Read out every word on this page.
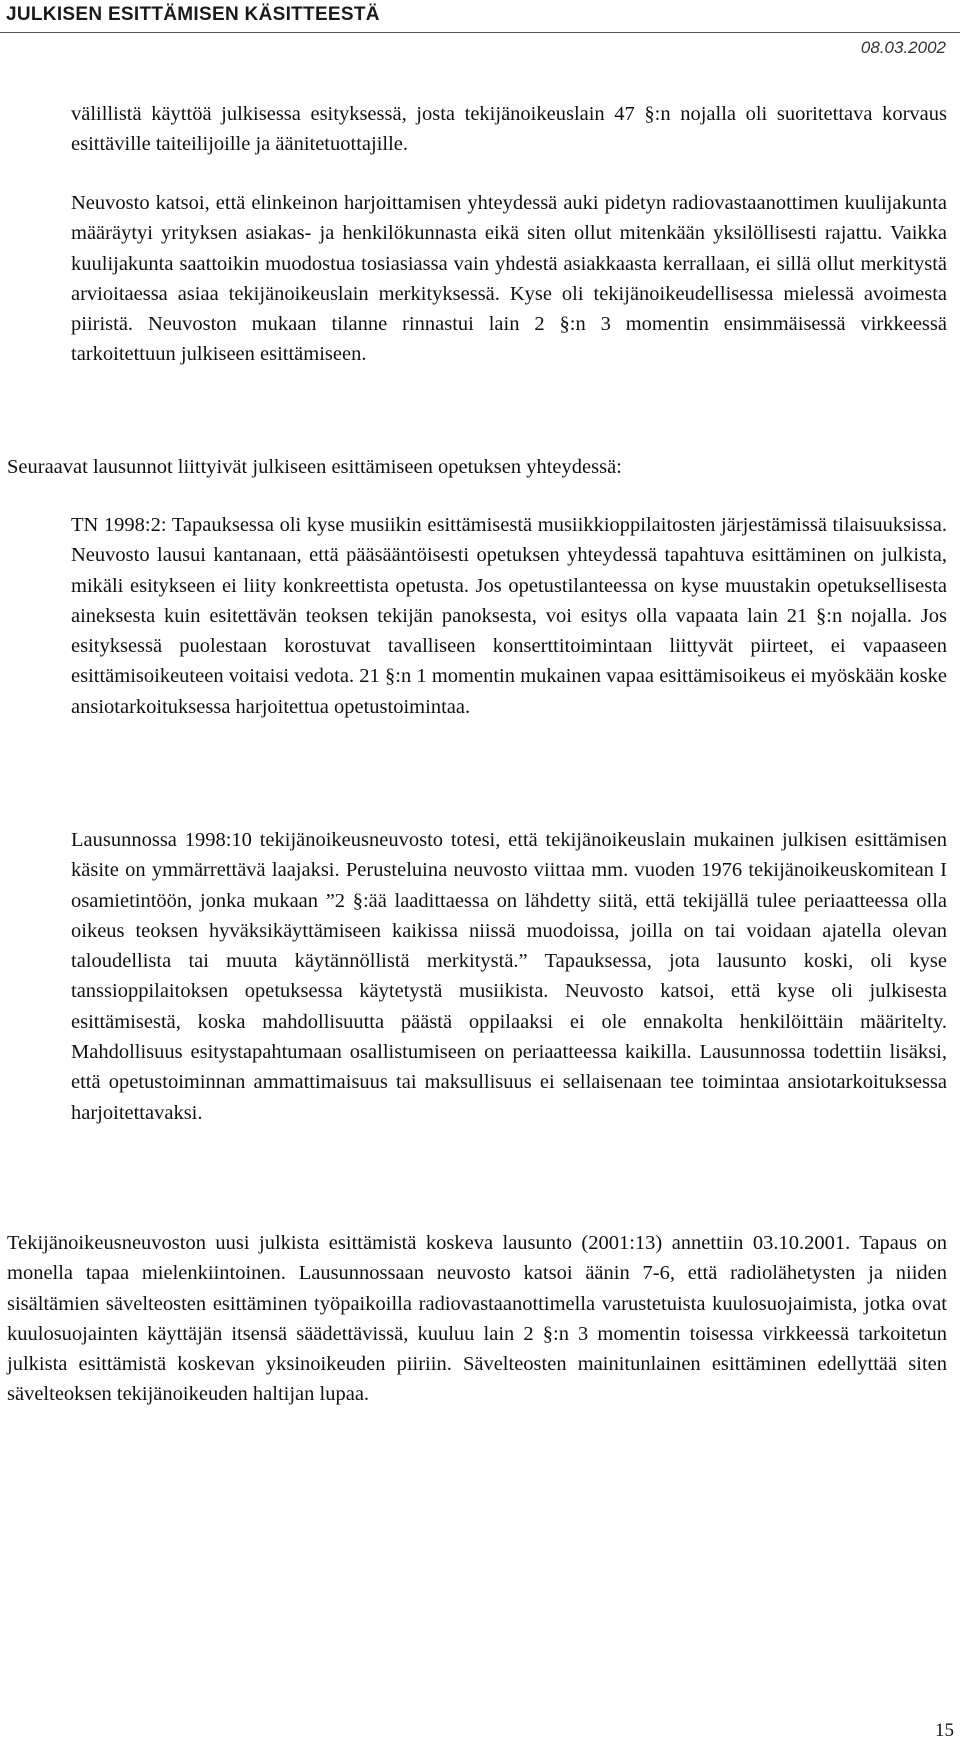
JULKISEN ESITTÄMISEN KÄSITTEESTÄ
08.03.2002

välillistä käyttöä julkisessa esityksessä, josta tekijänoikeuslain 47 §:n nojalla oli suoritettava korvaus esittäville taiteilijoille ja äänitetuottajille.

Neuvosto katsoi, että elinkeinon harjoittamisen yhteydessä auki pidetyn radiovastaanottimen kuulijakunta määräytyi yrityksen asiakas- ja henkilökunnasta eikä siten ollut mitenkään yksilöllisesti rajattu. Vaikka kuulijakunta saattoikin muodostua tosiasiassa vain yhdestä asiakkaasta kerrallaan, ei sillä ollut merkitystä arvioitaessa asiaa tekijänoikeuslain merkityksessä. Kyse oli tekijänoikeudellisessa mielessä avoimesta piiristä. Neuvoston mukaan tilanne rinnastui lain 2 §:n 3 momentin ensimmäisessä virkkeessä tarkoitettuun julkiseen esittämiseen.

Seuraavat lausunnot liittyivät julkiseen esittämiseen opetuksen yhteydessä:

TN 1998:2: Tapauksessa oli kyse musiikin esittämisestä musiikkioppilaitosten järjestämissä tilaisuuksissa. Neuvosto lausui kantanaan, että pääsääntöisesti opetuksen yhteydessä tapahtuva esittäminen on julkista, mikäli esitykseen ei liity konkreettista opetusta. Jos opetustilanteessa on kyse muustakin opetuksellisesta aineksesta kuin esitettävän teoksen tekijän panoksesta, voi esitys olla vapaata lain 21 §:n nojalla. Jos esityksessä puolestaan korostuvat tavalliseen konserttitoimintaan liittyvät piirteet, ei vapaaseen esittämisoikeuteen voitaisi vedota. 21 §:n 1 momentin mukainen vapaa esittämisoikeus ei myöskään koske ansiotarkoituksessa harjoitettua opetustoimintaa.

Lausunnossa 1998:10 tekijänoikeusneuvosto totesi, että tekijänoikeuslain mukainen julkisen esittämisen käsite on ymmärrettävä laajaksi. Perusteluina neuvosto viittaa mm. vuoden 1976 tekijänoikeuskomitean I osamietintöön, jonka mukaan ”2 §:ää laadittaessa on lähdetty siitä, että tekijällä tulee periaatteessa olla oikeus teoksen hyväksikäyttämiseen kaikissa niissä muodoissa, joilla on tai voidaan ajatella olevan taloudellista tai muuta käytännöllistä merkitystä.” Tapauksessa, jota lausunto koski, oli kyse tanssioppilaitoksen opetuksessa käytetystä musiikista. Neuvosto katsoi, että kyse oli julkisesta esittämisestä, koska mahdollisuutta päästä oppilaaksi ei ole ennakolta henkilöittäin määritelty. Mahdollisuus esitystapahtumaan osallistumiseen on periaatteessa kaikilla. Lausunnossa todettiin lisäksi, että opetustoiminnan ammattimaisuus tai maksullisuus ei sellaisenaan tee toimintaa ansiotarkoituksessa harjoitettavaksi.

Tekijänoikeusneuvoston uusi julkista esittämistä koskeva lausunto (2001:13) annettiin 03.10.2001. Tapaus on monella tapaa mielenkiintoinen. Lausunnossaan neuvosto katsoi äänin 7-6, että radiolähetysten ja niiden sisältämien sävelteosten esittäminen työpaikoilla radiovastaanottimella varustetuista kuulosuojaimista, jotka ovat kuulosuojainten käyttäjän itsensä säädettävissä, kuuluu lain 2 §:n 3 momentin toisessa virkkeessä tarkoitetun julkista esittämistä koskevan yksinoikeuden piiriin. Sävelteosten mainitunlainen esittäminen edellyttää siten sävelteoksen tekijänoikeuden haltijan lupaa.

15
